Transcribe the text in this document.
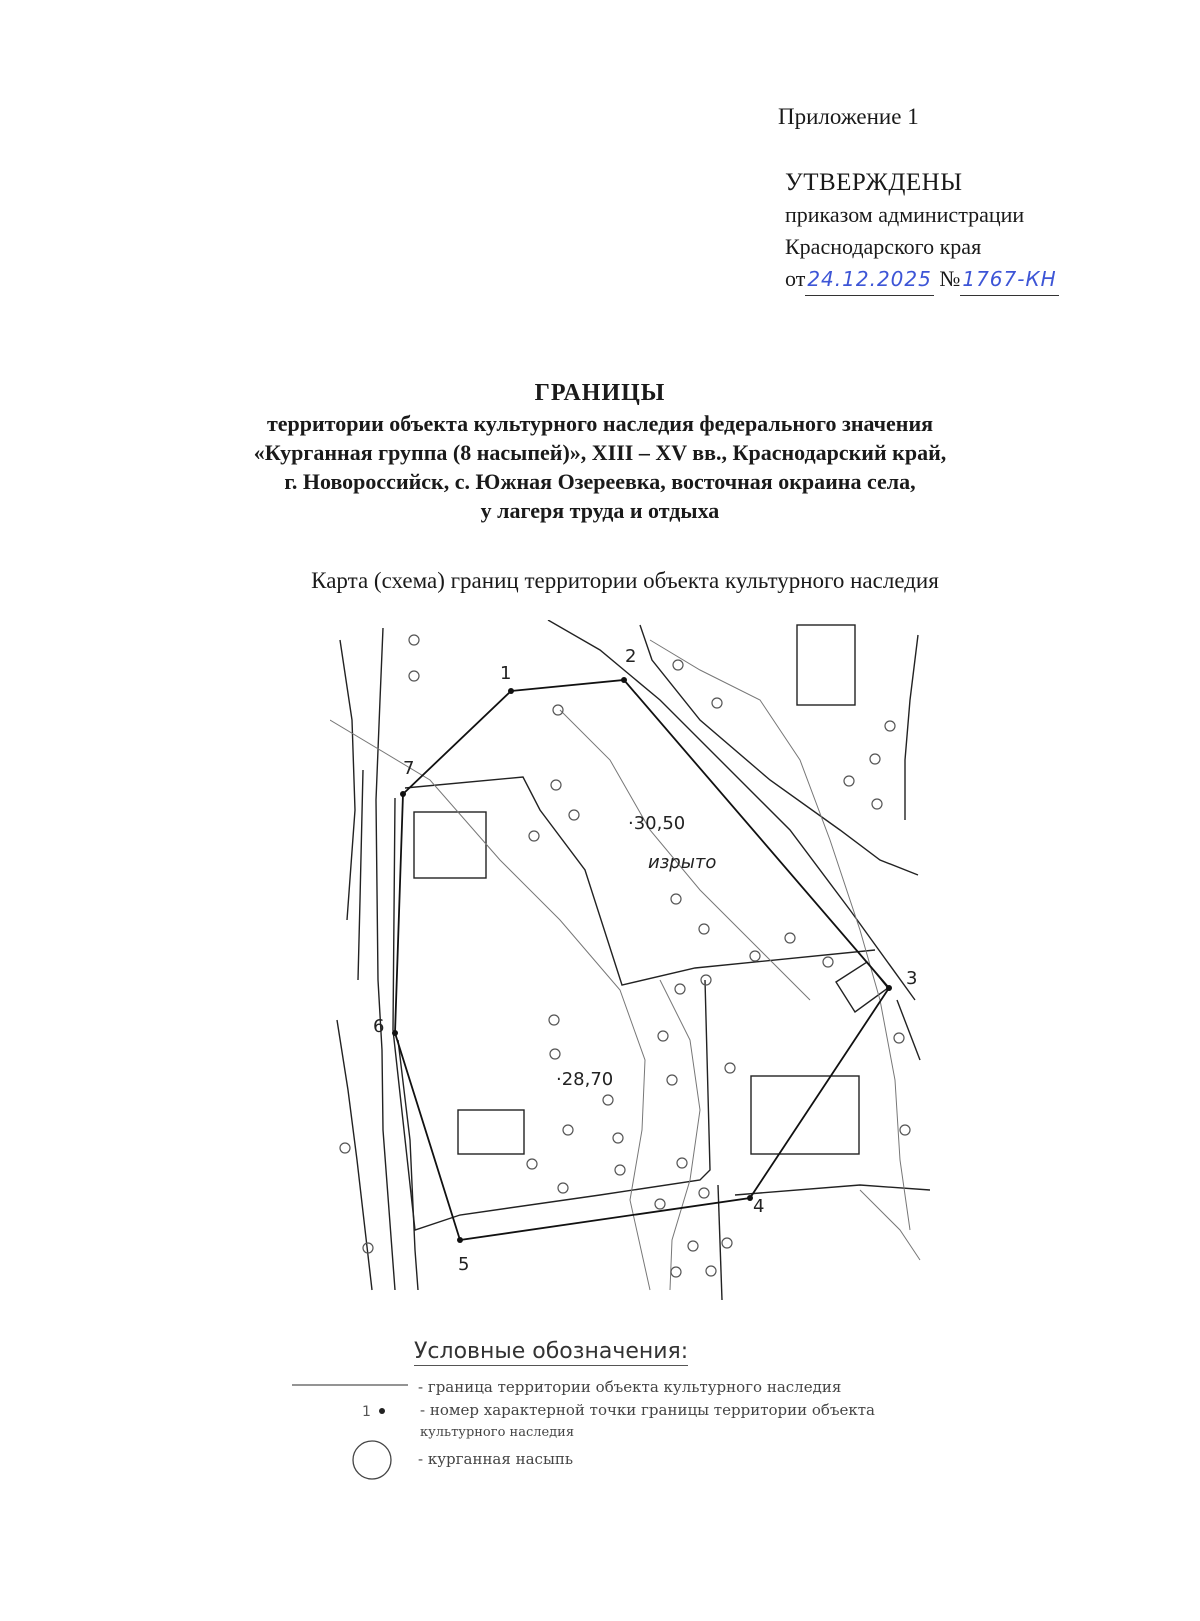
Приложение 1
УТВЕРЖДЕНЫ
приказом администрации
Краснодарского края
от 24.12.2025 № 1767-КН
ГРАНИЦЫ
территории объекта культурного наследия федерального значения
«Курганная группа (8 насыпей)», XIII – XV вв., Краснодарский край,
г. Новороссийск, с. Южная Озереевка, восточная окраина села,
у лагеря труда и отдыха
Карта (схема) границ территории объекта культурного наследия
1
2
3
4
5
6
7
·30,50
·28,70
изрыто
Условные обозначения:
- граница территории объекта культурного наследия
1	- номер характерной точки границы территории объекта
культурного наследия
- курганная насыпь
